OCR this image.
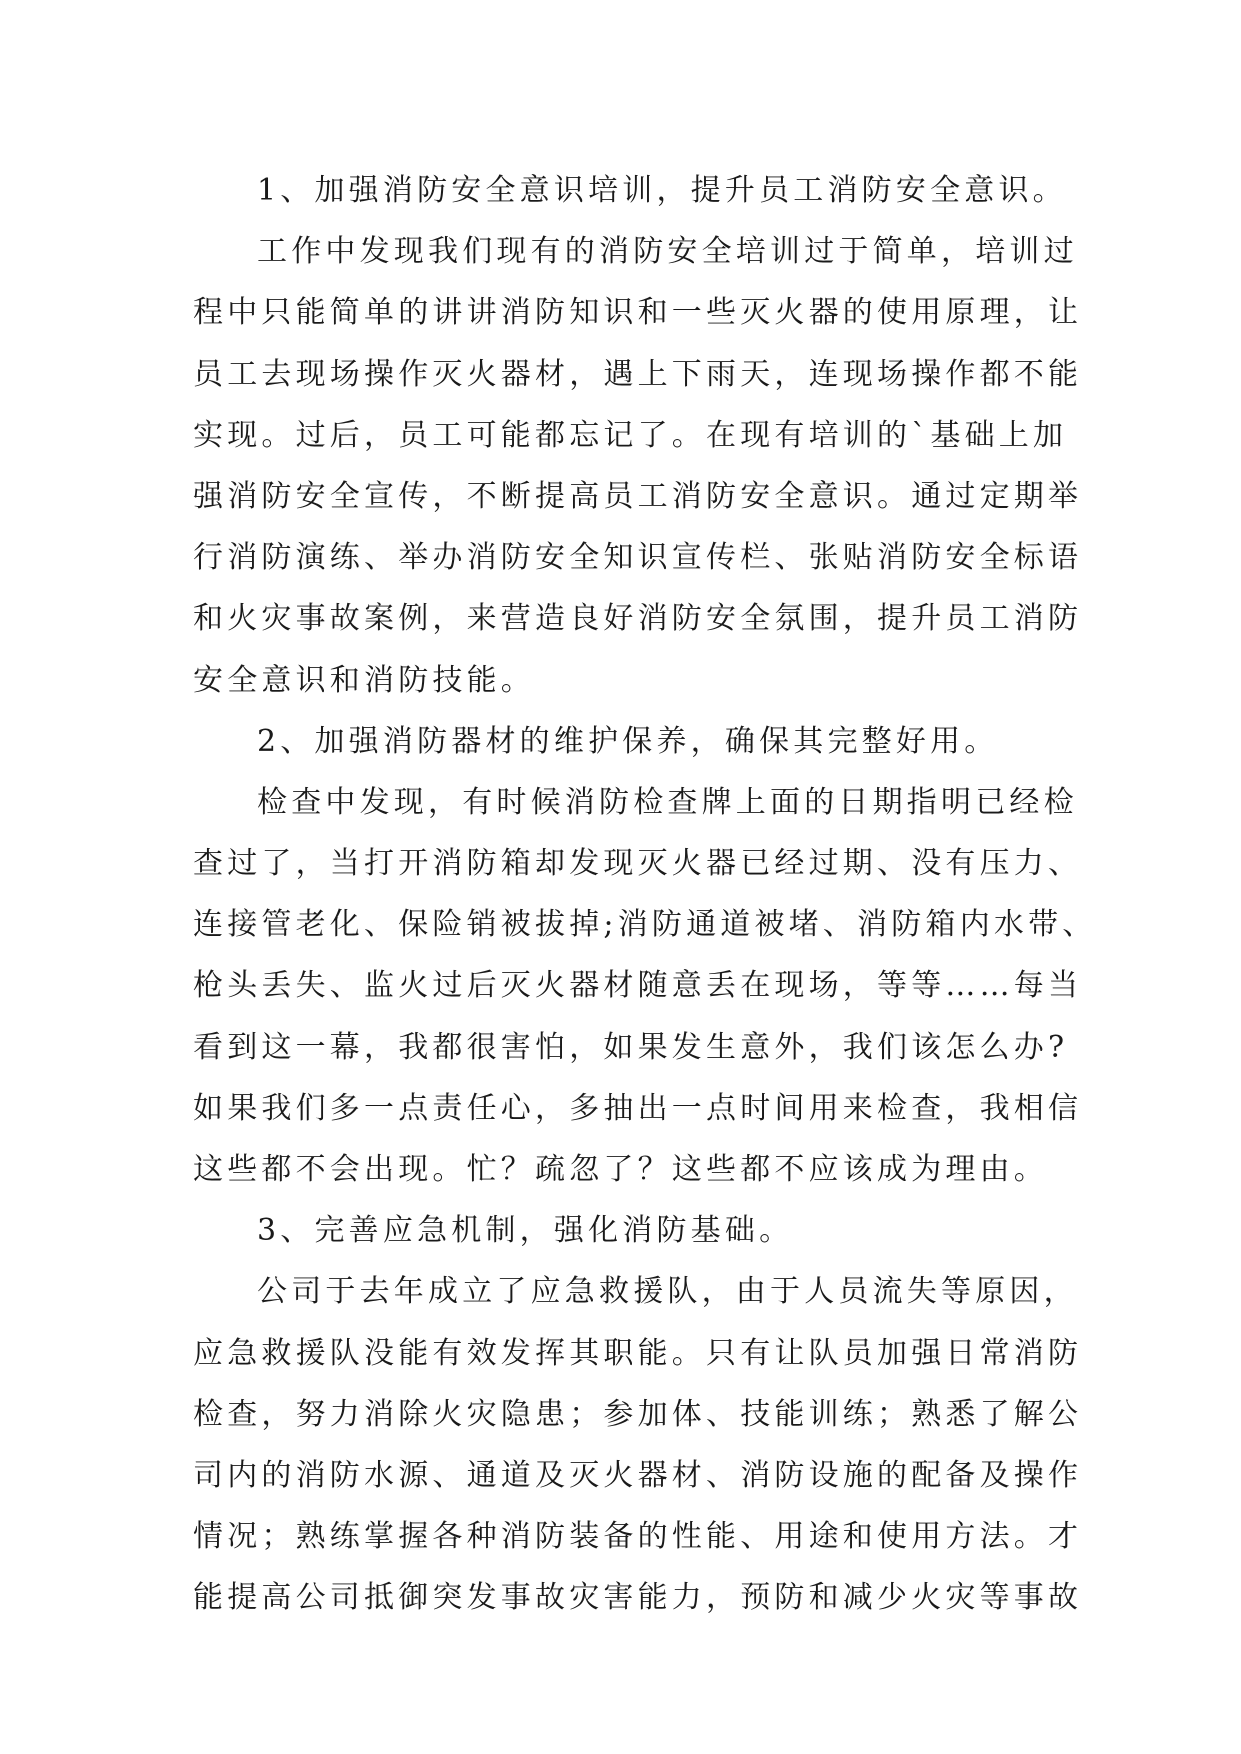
1、加强消防安全意识培训，提升员工消防安全意识。
工作中发现我们现有的消防安全培训过于简单，培训过
程中只能简单的讲讲消防知识和一些灭火器的使用原理，让
员工去现场操作灭火器材，遇上下雨天，连现场操作都不能
实现。过后，员工可能都忘记了。在现有培训的`基础上加
强消防安全宣传，不断提高员工消防安全意识。通过定期举
行消防演练、举办消防安全知识宣传栏、张贴消防安全标语
和火灾事故案例，来营造良好消防安全氛围，提升员工消防
安全意识和消防技能。
2、加强消防器材的维护保养，确保其完整好用。
检查中发现，有时候消防检查牌上面的日期指明已经检
查过了，当打开消防箱却发现灭火器已经过期、没有压力、
连接管老化、保险销被拔掉;消防通道被堵、消防箱内水带、
枪头丢失、监火过后灭火器材随意丢在现场，等等……每当
看到这一幕，我都很害怕，如果发生意外，我们该怎么办?
如果我们多一点责任心，多抽出一点时间用来检查，我相信
这些都不会出现。忙？疏忽了？这些都不应该成为理由。
3、完善应急机制，强化消防基础。
公司于去年成立了应急救援队，由于人员流失等原因，
应急救援队没能有效发挥其职能。只有让队员加强日常消防
检查，努力消除火灾隐患；参加体、技能训练；熟悉了解公
司内的消防水源、通道及灭火器材、消防设施的配备及操作
情况；熟练掌握各种消防装备的性能、用途和使用方法。才
能提高公司抵御突发事故灾害能力，预防和减少火灾等事故
